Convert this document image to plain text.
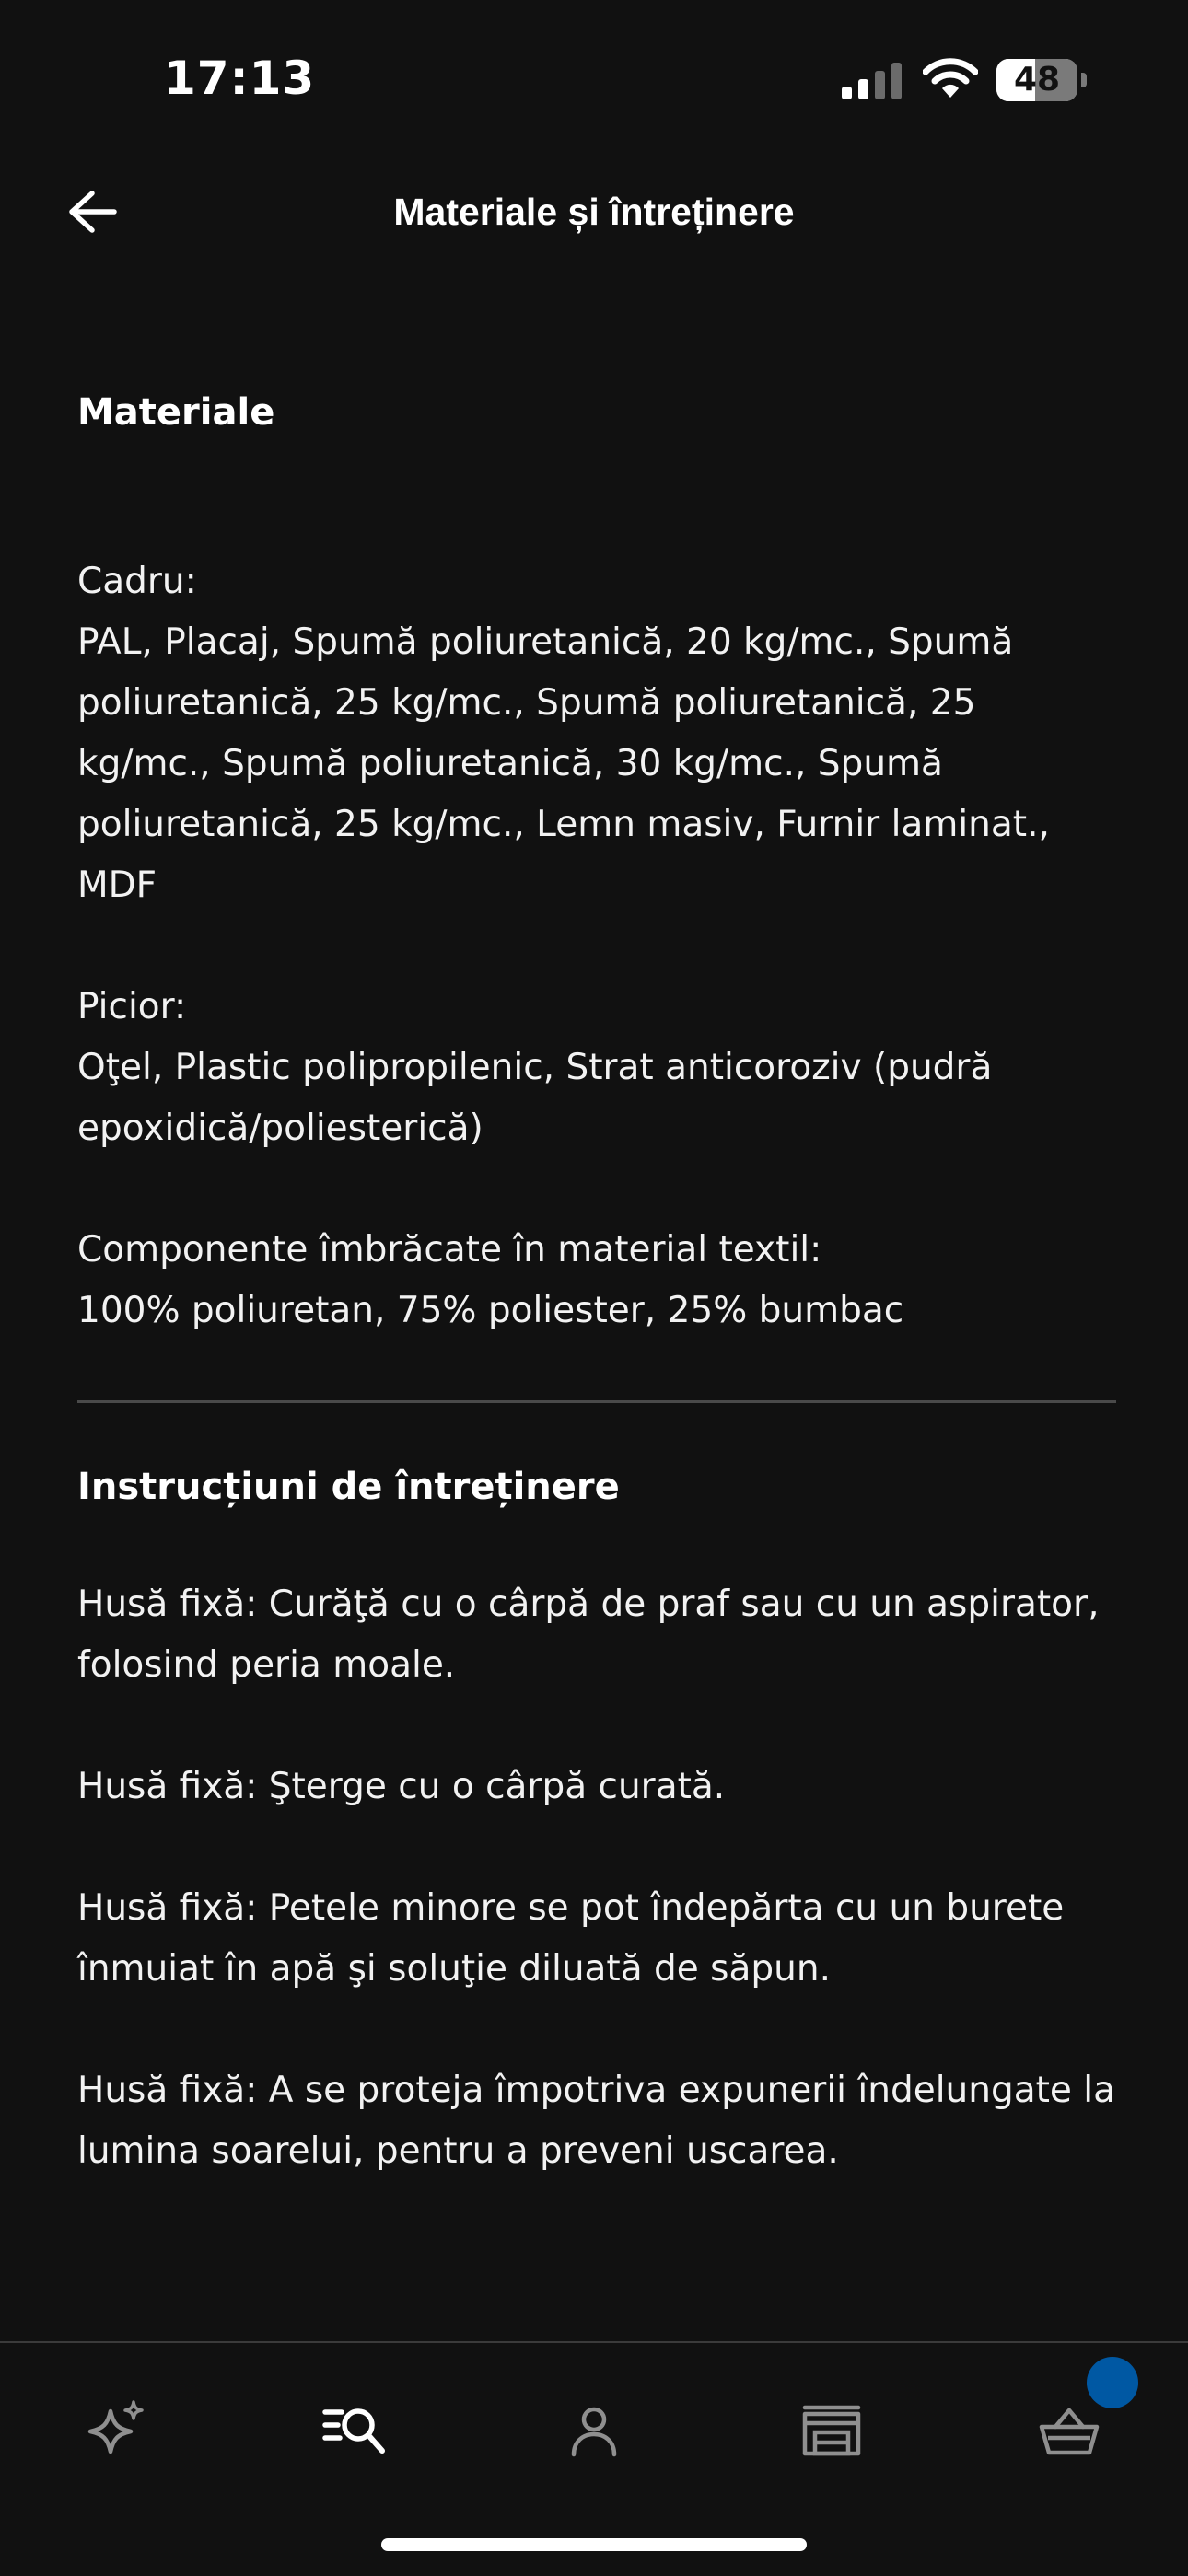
17:13	48
Materiale și întreținere
Materiale
Cadru:
PAL, Placaj, Spumă poliuretanică, 20 kg/mc., Spumă poliuretanică, 25 kg/mc., Spumă poliuretanică, 25 kg/mc., Spumă poliuretanică, 30 kg/mc., Spumă poliuretanică, 25 kg/mc., Lemn masiv, Furnir laminat., MDF
Picior:
Oţel, Plastic polipropilenic, Strat anticoroziv (pudră epoxidică/poliesterică)
Componente îmbrăcate în material textil:
100% poliuretan, 75% poliester, 25% bumbac
Instrucțiuni de întreținere
Husă fixă: Curăţă cu o cârpă de praf sau cu un aspirator, folosind peria moale.
Husă fixă: Şterge cu o cârpă curată.
Husă fixă: Petele minore se pot îndepărta cu un burete înmuiat în apă şi soluţie diluată de săpun.
Husă fixă: A se proteja împotriva expunerii îndelungate la lumina soarelui, pentru a preveni uscarea.
